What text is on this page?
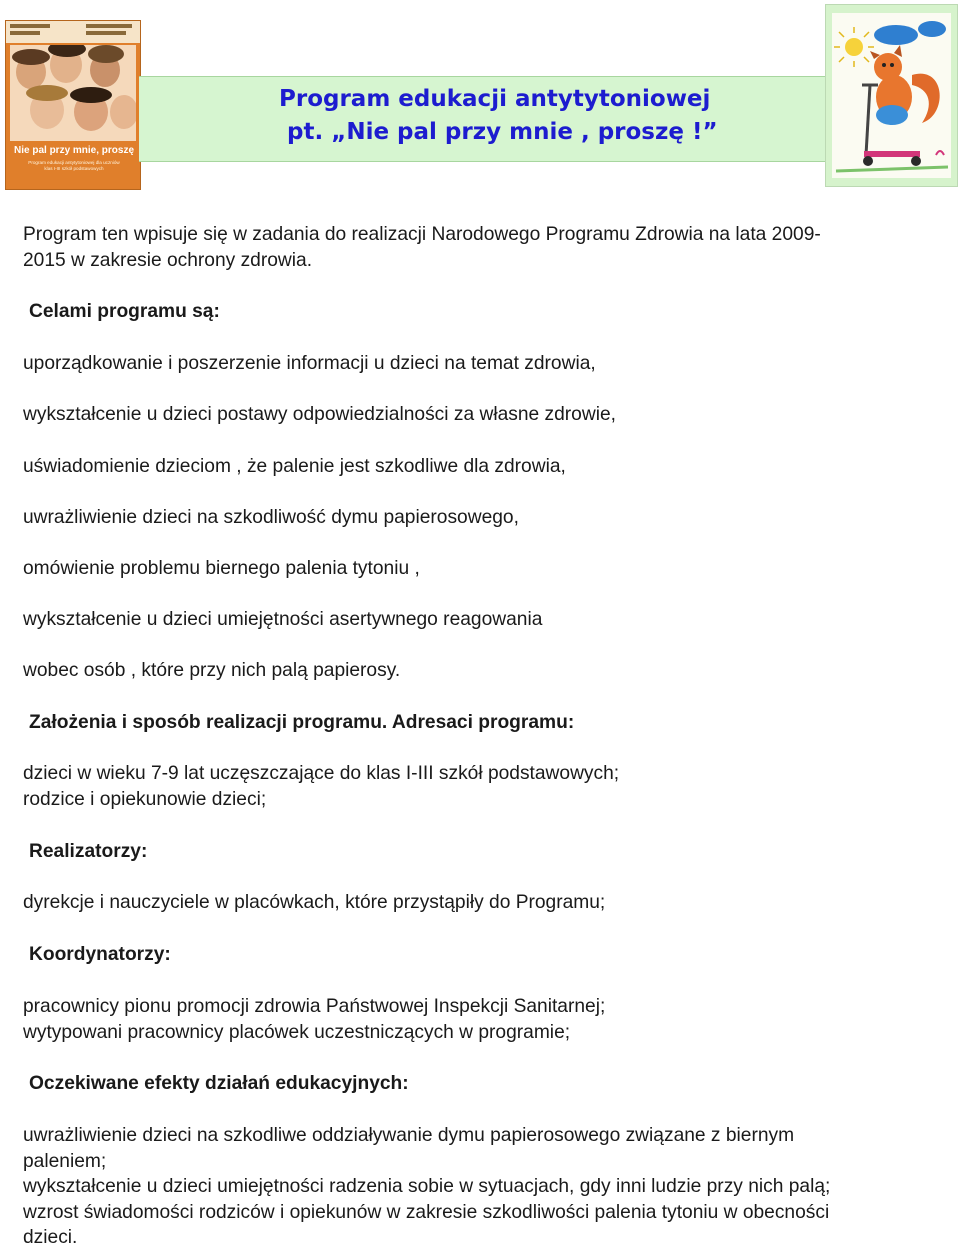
Nie pal przy mnie, proszę
Program edukacji antytytoniowej dla uczniów klas I-III szkół podstawowych
Program edukacji antytytoniowej
pt. „Nie pal przy mnie , proszę !”
Program ten wpisuje się w zadania do realizacji Narodowego Programu Zdrowia na lata 2009-
2015 w zakresie ochrony zdrowia.
Celami programu są:
uporządkowanie i poszerzenie informacji u dzieci na temat zdrowia,
wykształcenie u dzieci postawy odpowiedzialności za własne zdrowie,
uświadomienie dzieciom , że palenie jest szkodliwe dla zdrowia,
uwrażliwienie dzieci na szkodliwość dymu papierosowego,
omówienie problemu biernego palenia tytoniu ,
wykształcenie u dzieci umiejętności asertywnego reagowania
wobec osób , które przy nich palą papierosy.
Założenia i sposób realizacji programu. Adresaci programu:
dzieci w wieku 7-9 lat uczęszczające do klas I-III szkół podstawowych;
rodzice i opiekunowie dzieci;
Realizatorzy:
dyrekcje i nauczyciele w placówkach, które przystąpiły do Programu;
Koordynatorzy:
pracownicy pionu promocji zdrowia Państwowej Inspekcji Sanitarnej;
wytypowani pracownicy placówek uczestniczących w programie;
Oczekiwane efekty działań edukacyjnych:
uwrażliwienie dzieci na szkodliwe oddziaływanie dymu papierosowego związane z biernym
paleniem;
wykształcenie u dzieci umiejętności radzenia sobie w sytuacjach, gdy inni ludzie przy nich palą;
wzrost świadomości rodziców i opiekunów w zakresie szkodliwości palenia tytoniu w obecności
dzieci.
